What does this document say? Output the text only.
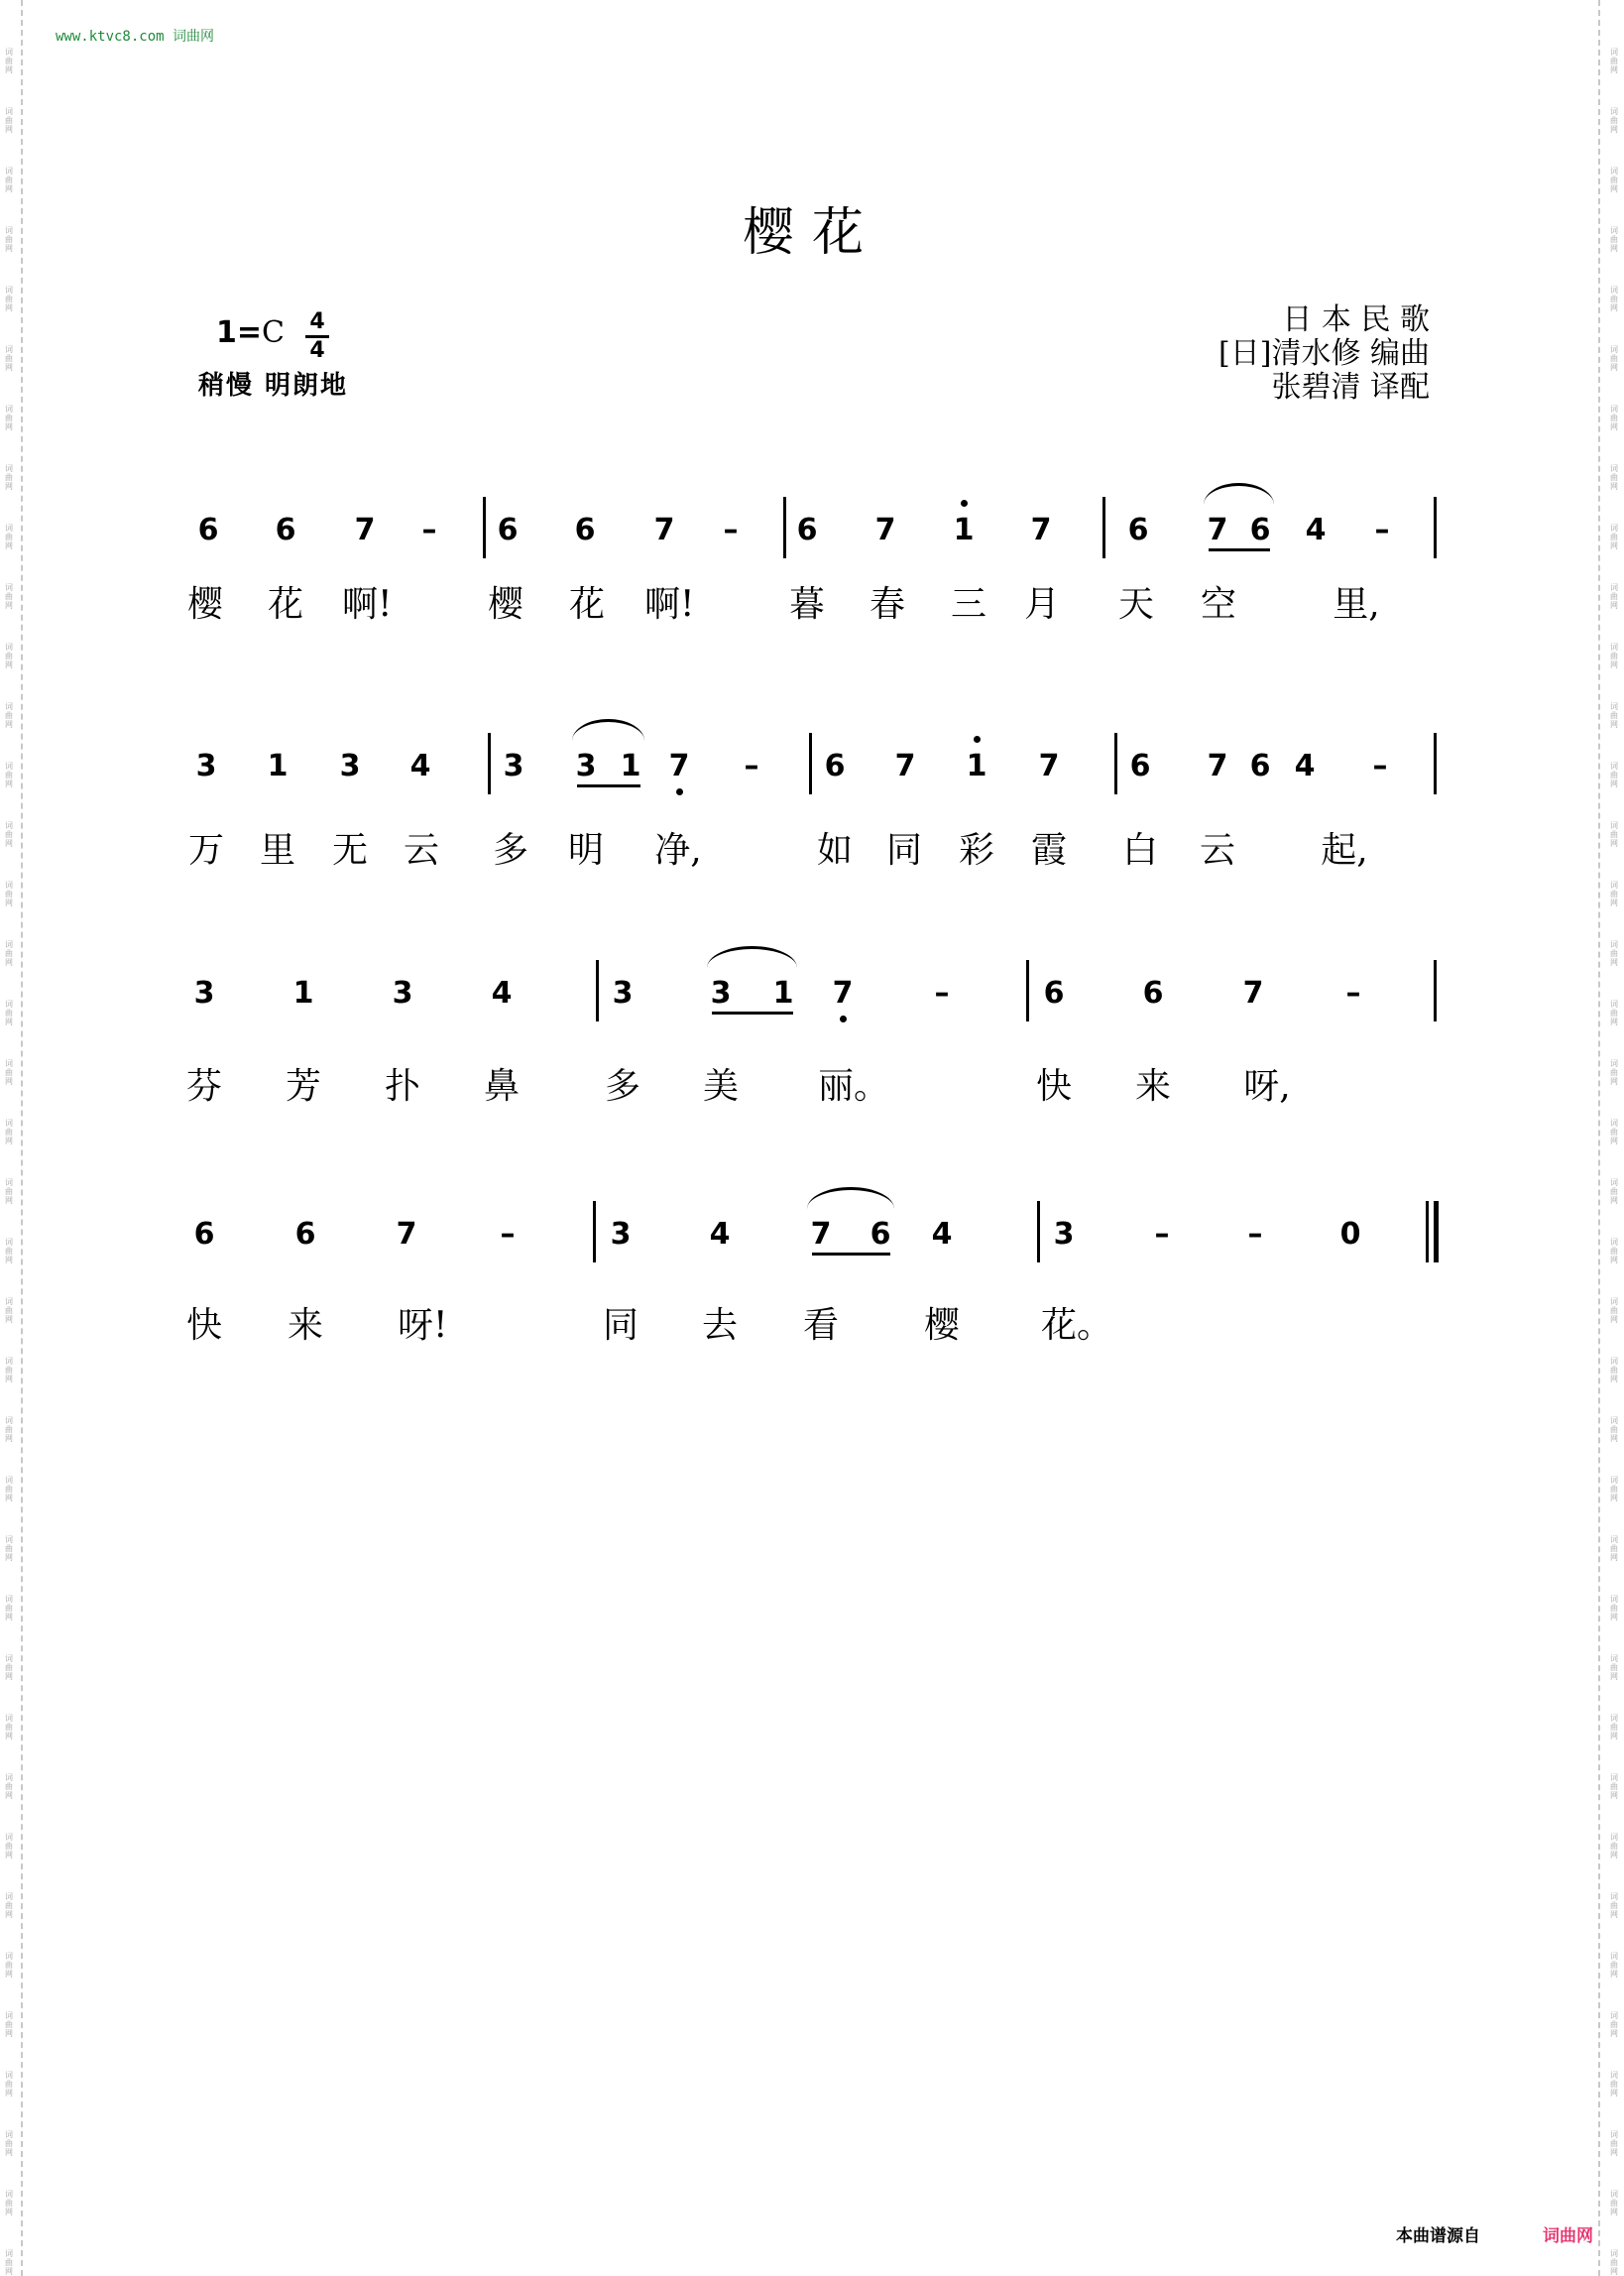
词
曲
网
词
曲
网
词
曲
网
词
曲
网
词
曲
网
词
曲
网
词
曲
网
词
曲
网
词
曲
网
词
曲
网
词
曲
网
词
曲
网
词
曲
网
词
曲
网
词
曲
网
词
曲
网
词
曲
网
词
曲
网
词
曲
网
词
曲
网
词
曲
网
词
曲
网
词
曲
网
词
曲
网
词
曲
网
词
曲
网
词
曲
网
词
曲
网
词
曲
网
词
曲
网
词
曲
网
词
曲
网
词
曲
网
词
曲
网
词
曲
网
词
曲
网
词
曲
网
词
曲
网
词
曲
网
词
曲
网
词
曲
网
词
曲
网
词
曲
网
词
曲
网
词
曲
网
词
曲
网
词
曲
网
词
曲
网
词
曲
网
词
曲
网
词
曲
网
词
曲
网
词
曲
网
词
曲
网
词
曲
网
词
曲
网
词
曲
网
词
曲
网
词
曲
网
词
曲
网
词
曲
网
词
曲
网
词
曲
网
词
曲
网
词
曲
网
词
曲
网
词
曲
网
词
曲
网
词
曲
网
词
曲
网
词
曲
网
词
曲
网
词
曲
网
词
曲
网
词
曲
网
词
曲
网
www.ktvc8.com 词曲网
樱花
1=C 4
4
稍慢 明朗地
日 本 民 歌
[日]清水修 编曲
张碧清 译配
6 6 7	–	6 6 7	–	6 7 1 7	6 7 6 4	–
樱 花 啊!	樱 花 啊!	暮 春 三 月 天 空	里,
3 1 3 4 3 3 1 7	–	6 7 1 7 6 7 6 4	–
万 里 无 云 多 明 净,	如 同 彩 霞 白 云 起,
3	1	3	4	3	3 1 7	–	6	6	7	–
芬 芳 扑 鼻 多 美 丽。	快 来 呀,
6	6	7	–	3	4	7 6 4	3	–	–	0
快 来 呀!	同 去 看 樱 花。
本曲谱源自	词曲网
